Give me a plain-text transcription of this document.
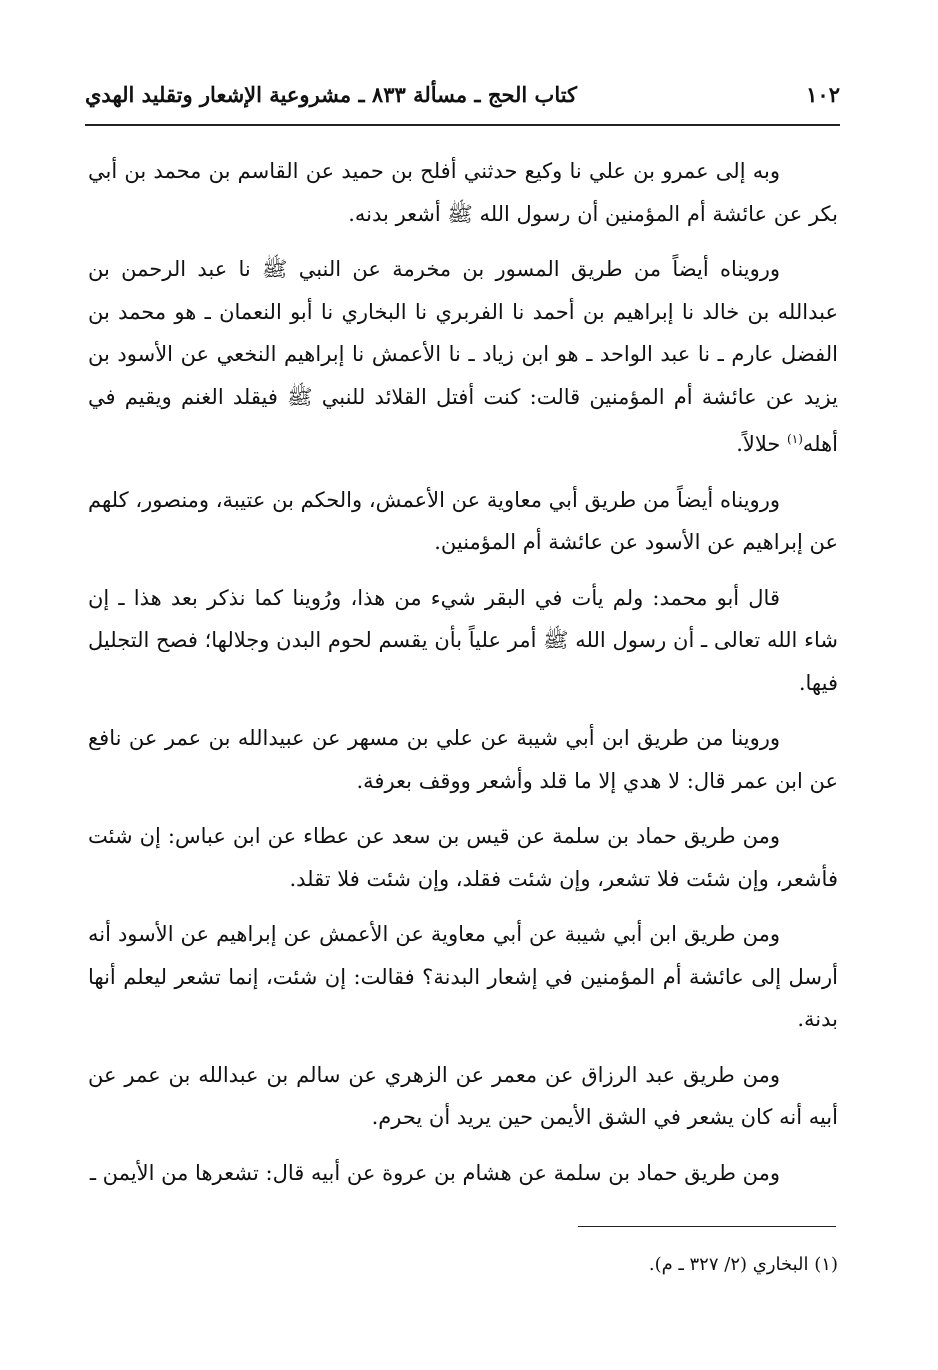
كتاب الحج ـ مسألة ٨٣٣ ـ مشروعية الإشعار وتقليد الهدي	١٠٢

وبه إلى عمرو بن علي نا وكيع حدثني أفلح بن حميد عن القاسم بن محمد بن أبي بكر عن عائشة أم المؤمنين أن رسول الله ﷺ أشعر بدنه.

ورويناه أيضاً من طريق المسور بن مخرمة عن النبي ﷺ نا عبد الرحمن بن عبدالله بن خالد نا إبراهيم بن أحمد نا الفربري نا البخاري نا أبو النعمان ـ هو محمد بن الفضل عارم ـ نا عبد الواحد ـ هو ابن زياد ـ نا الأعمش نا إبراهيم النخعي عن الأسود بن يزيد عن عائشة أم المؤمنين قالت: كنت أفتل القلائد للنبي ﷺ فيقلد الغنم ويقيم في أهله$^{(١)}$ حلالاً.

ورويناه أيضاً من طريق أبي معاوية عن الأعمش، والحكم بن عتيبة، ومنصور، كلهم عن إبراهيم عن الأسود عن عائشة أم المؤمنين.

قال أبو محمد: ولم يأت في البقر شيء من هذا، ورُوينا كما نذكر بعد هذا ـ إن شاء الله تعالى ـ أن رسول الله ﷺ أمر علياً بأن يقسم لحوم البدن وجلالها؛ فصح التجليل فيها.

وروينا من طريق ابن أبي شيبة عن علي بن مسهر عن عبيدالله بن عمر عن نافع عن ابن عمر قال: لا هدي إلا ما قلد وأشعر ووقف بعرفة.

ومن طريق حماد بن سلمة عن قيس بن سعد عن عطاء عن ابن عباس: إن شئت فأشعر، وإن شئت فلا تشعر، وإن شئت فقلد، وإن شئت فلا تقلد.

ومن طريق ابن أبي شيبة عن أبي معاوية عن الأعمش عن إبراهيم عن الأسود أنه أرسل إلى عائشة أم المؤمنين في إشعار البدنة؟ فقالت: إن شئت، إنما تشعر ليعلم أنها بدنة.

ومن طريق عبد الرزاق عن معمر عن الزهري عن سالم بن عبدالله بن عمر عن أبيه أنه كان يشعر في الشق الأيمن حين يريد أن يحرم.

ومن طريق حماد بن سلمة عن هشام بن عروة عن أبيه قال: تشعرها من الأيمن ـ

(١) البخاري (٢/ ٣٢٧ ـ م).
